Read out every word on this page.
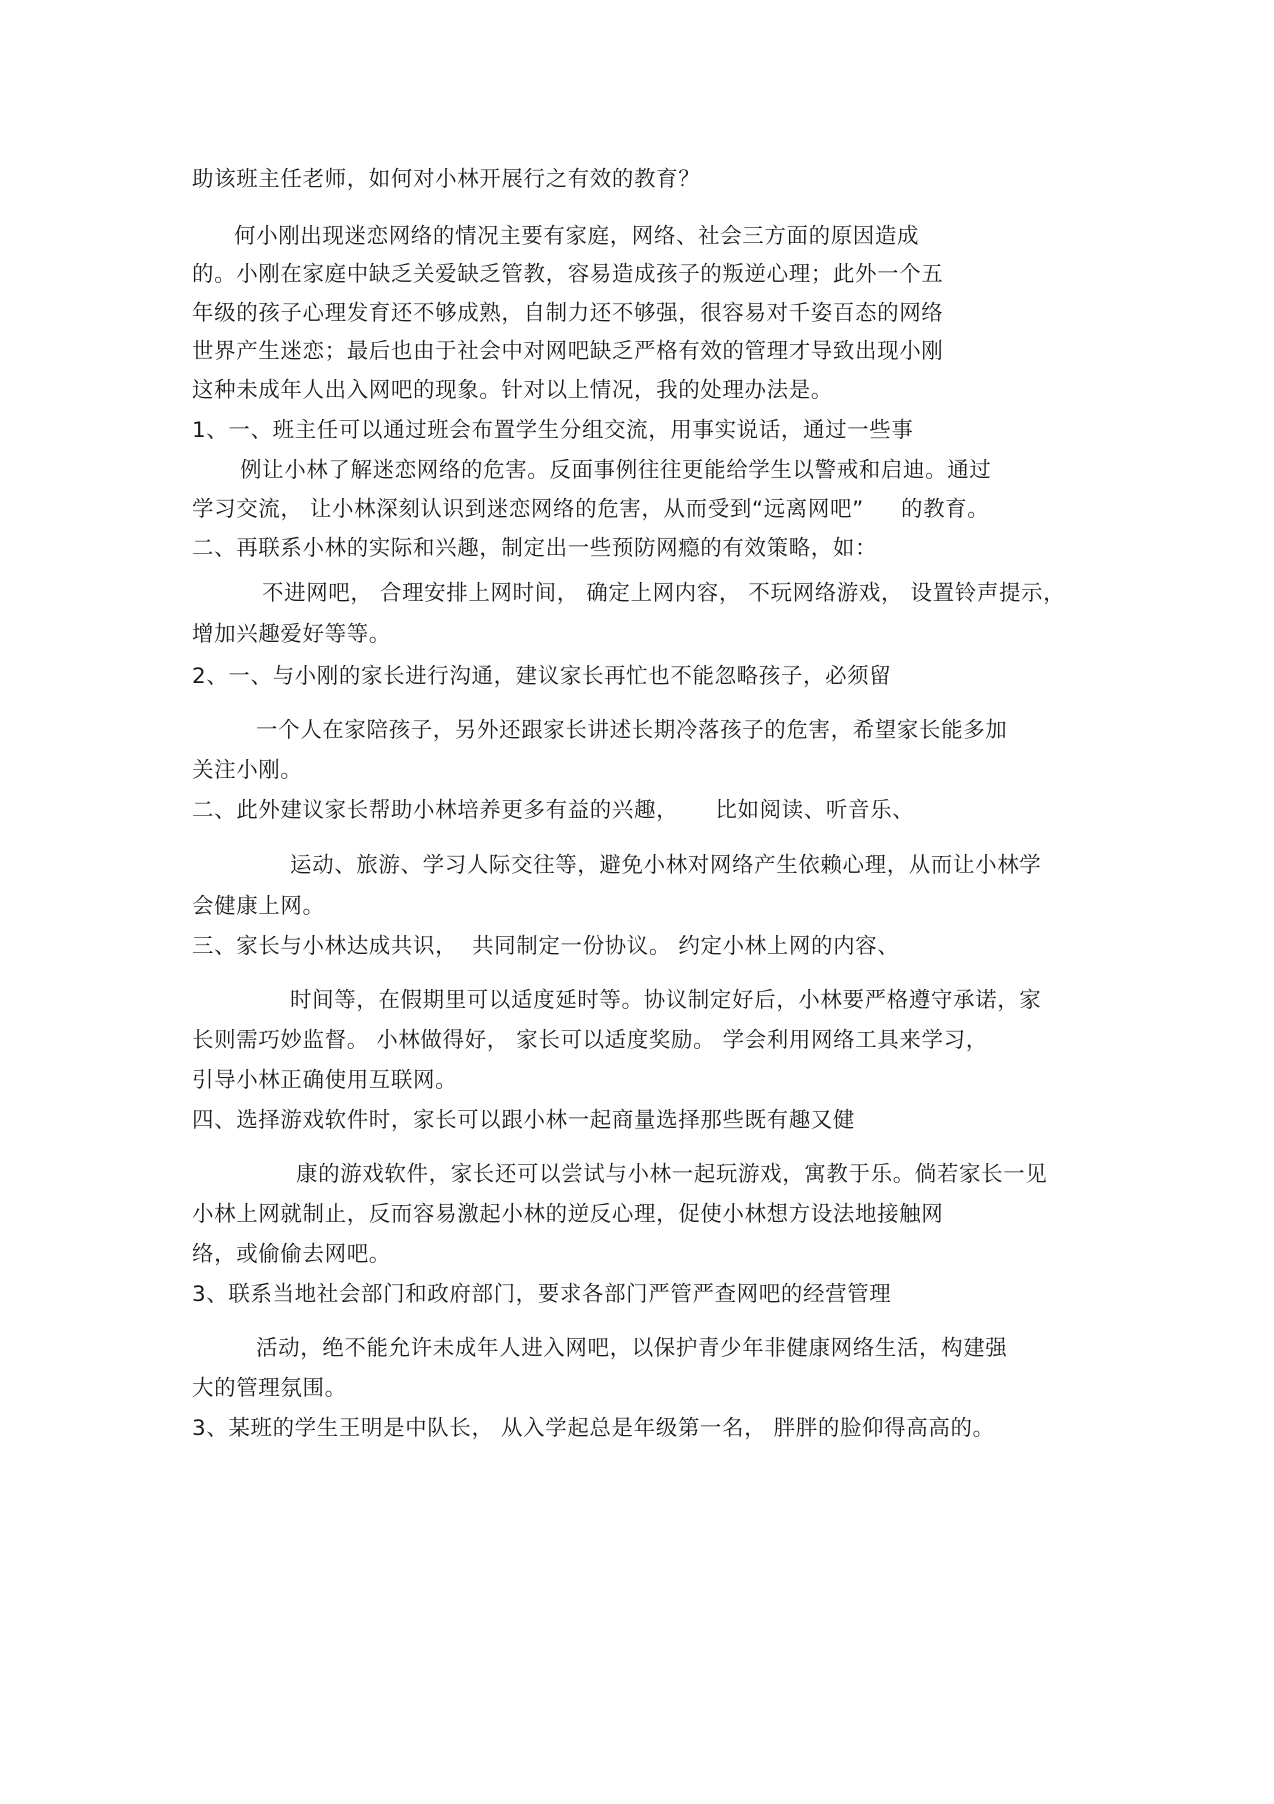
助该班主任老师，如何对小林开展行之有效的教育？
何小刚出现迷恋网络的情况主要有家庭，网络、社会三方面的原因造成
的。小刚在家庭中缺乏关爱缺乏管教，容易造成孩子的叛逆心理；此外一个五
年级的孩子心理发育还不够成熟，自制力还不够强，很容易对千姿百态的网络
世界产生迷恋；最后也由于社会中对网吧缺乏严格有效的管理才导致出现小刚
这种未成年人出入网吧的现象。针对以上情况，我的处理办法是。
1、一、班主任可以通过班会布置学生分组交流，用事实说话，通过一些事
例让小林了解迷恋网络的危害。反面事例往往更能给学生以警戒和启迪。通过
学习交流， 让小林深刻认识到迷恋网络的危害，从而受到“远离网吧”     的教育。
二、再联系小林的实际和兴趣，制定出一些预防网瘾的有效策略，如：
不进网吧， 合理安排上网时间， 确定上网内容， 不玩网络游戏， 设置铃声提示，
增加兴趣爱好等等。
2、一、与小刚的家长进行沟通，建议家长再忙也不能忽略孩子，必须留
一个人在家陪孩子，另外还跟家长讲述长期冷落孩子的危害，希望家长能多加
关注小刚。
二、此外建议家长帮助小林培养更多有益的兴趣，     比如阅读、听音乐、
运动、旅游、学习人际交往等，避免小林对网络产生依赖心理，从而让小林学
会健康上网。
三、家长与小林达成共识，  共同制定一份协议。 约定小林上网的内容、
时间等，在假期里可以适度延时等。协议制定好后，小林要严格遵守承诺，家
长则需巧妙监督。 小林做得好， 家长可以适度奖励。 学会利用网络工具来学习，
引导小林正确使用互联网。
四、选择游戏软件时，家长可以跟小林一起商量选择那些既有趣又健
康的游戏软件，家长还可以尝试与小林一起玩游戏，寓教于乐。倘若家长一见
小林上网就制止，反而容易激起小林的逆反心理，促使小林想方设法地接触网
络，或偷偷去网吧。
3、联系当地社会部门和政府部门，要求各部门严管严查网吧的经营管理
活动，绝不能允许未成年人进入网吧，以保护青少年非健康网络生活，构建强
大的管理氛围。
3、某班的学生王明是中队长， 从入学起总是年级第一名， 胖胖的脸仰得高高的。
